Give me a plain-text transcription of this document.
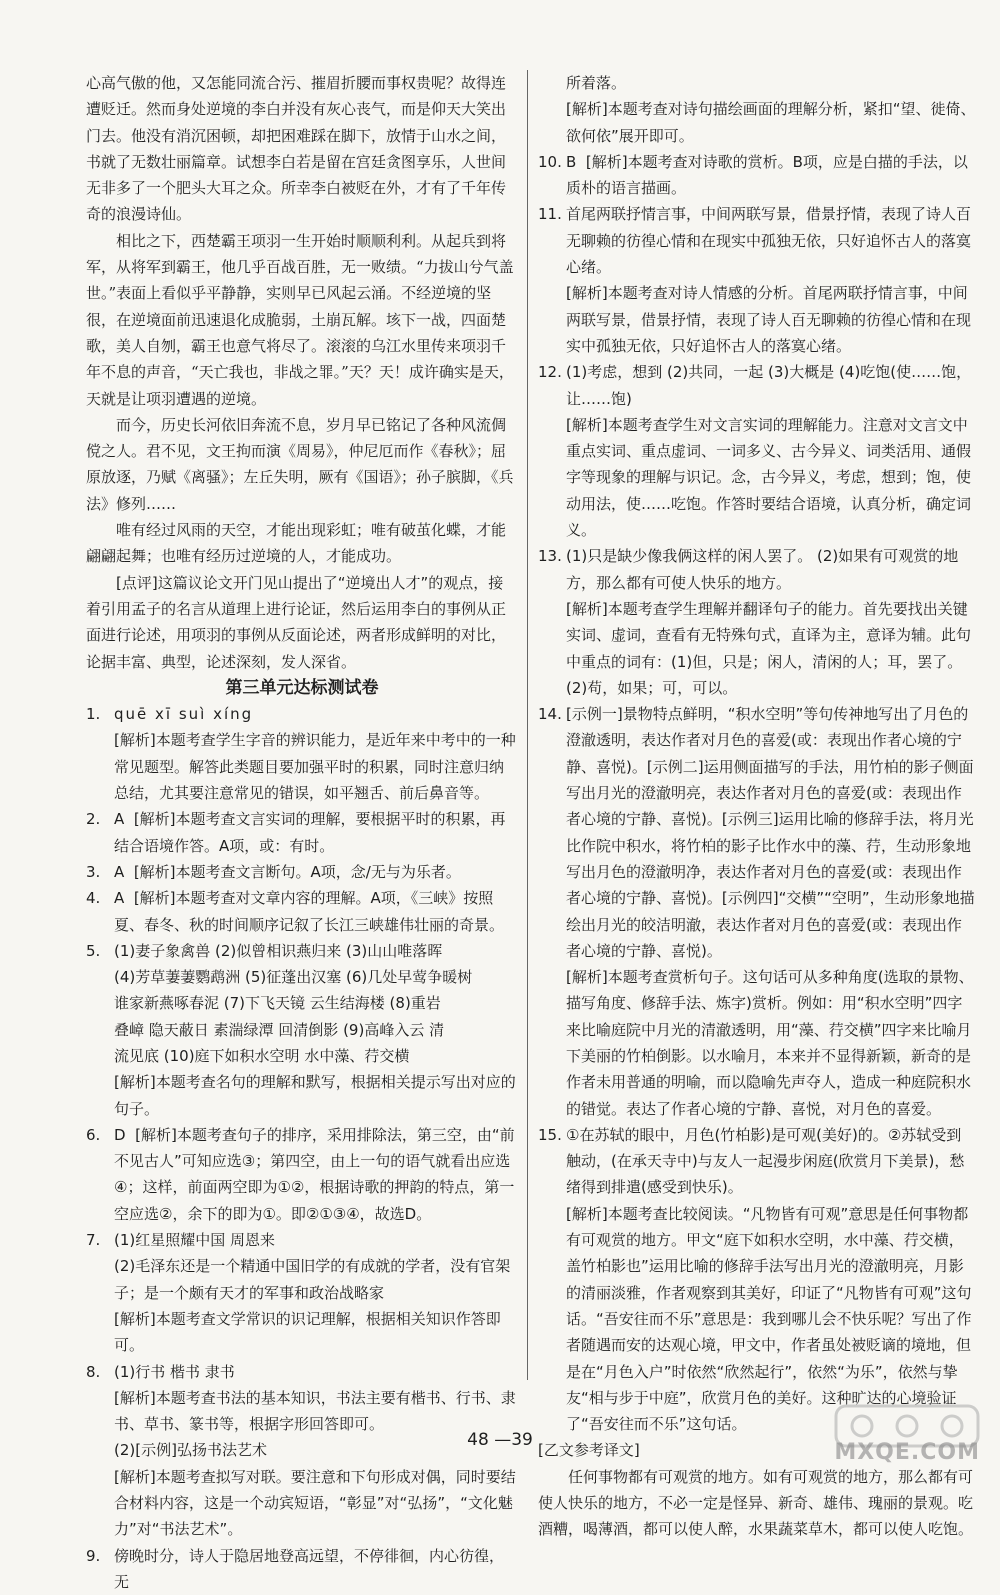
心高气傲的他，又怎能同流合污、摧眉折腰而事权贵呢？故得连遭贬迁。然而身处逆境的李白并没有灰心丧气，而是仰天大笑出门去。他没有消沉困顿，却把困难踩在脚下，放情于山水之间，书就了无数壮丽篇章。试想李白若是留在宫廷贪图享乐，人世间无非多了一个肥头大耳之众。所幸李白被贬在外，才有了千年传奇的浪漫诗仙。

相比之下，西楚霸王项羽一生开始时顺顺利利。从起兵到将军，从将军到霸王，他几乎百战百胜，无一败绩。“力拔山兮气盖世。”表面上看似乎平静静，实则早已风起云涌。不经逆境的坚很，在逆境面前迅速退化成脆弱，土崩瓦解。垓下一战，四面楚歌，美人自刎，霸王也意气将尽了。滚滚的乌江水里传来项羽千年不息的声音，“天亡我也，非战之罪。”天？天！成许确实是天，天就是让项羽遭遇的逆境。

而今，历史长河依旧奔流不息，岁月早已铭记了各种风流倜傥之人。君不见，文王拘而演《周易》，仲尼厄而作《春秋》；屈原放逐，乃赋《离骚》；左丘失明，厥有《国语》；孙子膑脚，《兵法》修列……

唯有经过风雨的天空，才能出现彩虹；唯有破茧化蝶，才能翩翩起舞；也唯有经历过逆境的人，才能成功。

[点评]这篇议论文开门见山提出了“逆境出人才”的观点，接着引用孟子的名言从道理上进行论证，然后运用李白的事例从正面进行论述，用项羽的事例从反面论述，两者形成鲜明的对比，论据丰富、典型，论述深刻，发人深省。

第三单元达标测试卷

1. quē xī suì xíng

[解析]本题考查学生字音的辨识能力，是近年来中考中的一种常见题型。解答此类题目要加强平时的积累，同时注意归纳总结，尤其要注意常见的错误，如平翘舌、前后鼻音等。

2. A [解析]本题考查文言实词的理解，要根据平时的积累，再结合语境作答。A项，或：有时。

3. A [解析]本题考查文言断句。A项，念/无与为乐者。

4. A [解析]本题考查对文章内容的理解。A项，《三峡》按照夏、春冬、秋的时间顺序记叙了长江三峡雄伟壮丽的奇景。

5. (1)妻子象禽兽 (2)似曾相识燕归来 (3)山山唯落晖

(4)芳草萋萋鹦鹉洲 (5)征蓬出汉塞 (6)几处早莺争暖树

谁家新燕啄春泥 (7)下飞天镜 云生结海楼 (8)重岩

叠嶂 隐天蔽日 素湍绿潭 回清倒影 (9)高峰入云 清

流见底 (10)庭下如积水空明 水中藻、荇交横

[解析]本题考查名句的理解和默写，根据相关提示写出对应的句子。

6. D [解析]本题考查句子的排序，采用排除法，第三空，由“前不见古人”可知应选③；第四空，由上一句的语气就看出应选④；这样，前面两空即为①②，根据诗歌的押韵的特点，第一空应选②，余下的即为①。即②①③④，故选D。

7. (1)红星照耀中国 周恩来

(2)毛泽东还是一个精通中国旧学的有成就的学者，没有官架子；是一个颇有天才的军事和政治战略家

[解析]本题考查文学常识的识记理解，根据相关知识作答即可。

8. (1)行书 楷书 隶书

[解析]本题考查书法的基本知识，书法主要有楷书、行书、隶书、草书、篆书等，根据字形回答即可。

(2)[示例]弘扬书法艺术

[解析]本题考查拟写对联。要注意和下句形成对偶，同时要结合材料内容，这是一个动宾短语，“彰显”对“弘扬”，“文化魅力”对“书法艺术”。

9. 傍晚时分，诗人于隐居地登高远望，不停徘徊，内心彷徨，无

所着落。

[解析]本题考查对诗句描绘画面的理解分析，紧扣“望、徙倚、欲何依”展开即可。

10. B [解析]本题考查对诗歌的赏析。B项，应是白描的手法，以质朴的语言描画。

11. 首尾两联抒情言事，中间两联写景，借景抒情，表现了诗人百无聊赖的彷徨心情和在现实中孤独无依，只好追怀古人的落寞心绪。

[解析]本题考查对诗人情感的分析。首尾两联抒情言事，中间两联写景，借景抒情，表现了诗人百无聊赖的彷徨心情和在现实中孤独无依，只好追怀古人的落寞心绪。

12. (1)考虑，想到 (2)共同，一起 (3)大概是 (4)吃饱(使……饱，让……饱)

[解析]本题考查学生对文言实词的理解能力。注意对文言文中重点实词、重点虚词、一词多义、古今异义、词类活用、通假字等现象的理解与识记。念，古今异义，考虑，想到；饱，使动用法，使……吃饱。作答时要结合语境，认真分析，确定词义。

13. (1)只是缺少像我俩这样的闲人罢了。 (2)如果有可观赏的地方，那么都有可使人快乐的地方。

[解析]本题考查学生理解并翻译句子的能力。首先要找出关键实词、虚词，查看有无特殊句式，直译为主，意译为辅。此句中重点的词有：(1)但，只是；闲人，清闲的人；耳，罢了。(2)苟，如果；可，可以。

14. [示例一]景物特点鲜明，“积水空明”等句传神地写出了月色的澄澈透明，表达作者对月色的喜爱(或：表现出作者心境的宁静、喜悦)。[示例二]运用侧面描写的手法，用竹柏的影子侧面写出月光的澄澈明亮，表达作者对月色的喜爱(或：表现出作者心境的宁静、喜悦)。[示例三]运用比喻的修辞手法，将月光比作院中积水，将竹柏的影子比作水中的藻、荇，生动形象地写出月色的澄澈明净，表达作者对月色的喜爱(或：表现出作者心境的宁静、喜悦)。[示例四]“交横”“空明”，生动形象地描绘出月光的皎洁明澈，表达作者对月色的喜爱(或：表现出作者心境的宁静、喜悦)。

[解析]本题考查赏析句子。这句话可从多种角度(选取的景物、描写角度、修辞手法、炼字)赏析。例如：用“积水空明”四字来比喻庭院中月光的清澈透明，用“藻、荇交横”四字来比喻月下美丽的竹柏倒影。以水喻月，本来并不显得新颖，新奇的是作者未用普通的明喻，而以隐喻先声夺人，造成一种庭院积水的错觉。表达了作者心境的宁静、喜悦，对月色的喜爱。

15. ①在苏轼的眼中，月色(竹柏影)是可观(美好)的。②苏轼受到触动，(在承天寺中)与友人一起漫步闲庭(欣赏月下美景)，愁绪得到排遣(感受到快乐)。

[解析]本题考查比较阅读。“凡物皆有可观”意思是任何事物都有可观赏的地方。甲文“庭下如积水空明，水中藻、荇交横，盖竹柏影也”运用比喻的修辞手法写出月光的澄澈明亮，月影的清丽淡雅，作者观察到其美好，印证了“凡物皆有可观”这句话。“吾安往而不乐”意思是：我到哪儿会不快乐呢？写出了作者随遇而安的达观心境，甲文中，作者虽处被贬谪的境地，但是在“月色入户”时依然“欣然起行”，依然“为乐”，依然与挚友“相与步于中庭”，欣赏月色的美好。这种旷达的心境验证了“吾安往而不乐”这句话。

[乙文参考译文]

任何事物都有可观赏的地方。如有可观赏的地方，那么都有可使人快乐的地方，不必一定是怪异、新奇、雄伟、瑰丽的景观。吃酒糟，喝薄酒，都可以使人醉，水果蔬菜草木，都可以使人吃饱。

48 —39	MXQE.COM
